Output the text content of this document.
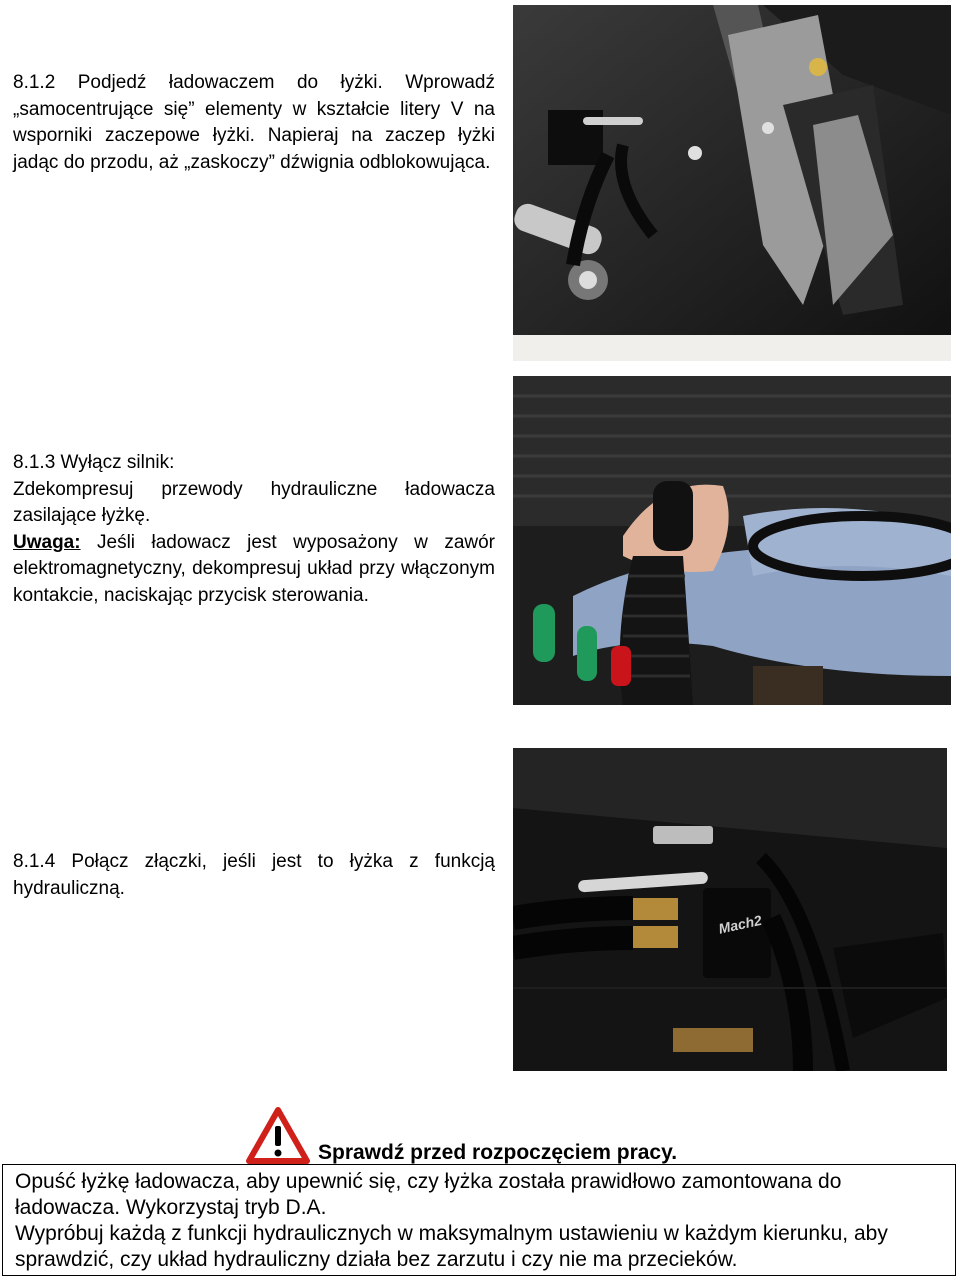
8.1.2 Podjedź ładowaczem do łyżki. Wprowadź „samocentrujące się” elementy w kształcie litery V na wsporniki zaczepowe łyżki. Napieraj na zaczep łyżki jadąc do przodu, aż „zaskoczy” dźwignia odblokowująca.

8.1.3 Wyłącz silnik:

Zdekompresuj przewody hydrauliczne ładowacza zasilające łyżkę.

Uwaga: Jeśli ładowacz jest wyposażony w zawór elektromagnetyczny, dekompresuj układ przy włączonym kontakcie, naciskając przycisk sterowania.

8.1.4 Połącz złączki, jeśli jest to łyżka z funkcją hydrauliczną.

Mach2
Sprawdź przed rozpoczęciem pracy.

Opuść łyżkę ładowacza, aby upewnić się, czy łyżka została prawidłowo zamontowana do ładowacza. Wykorzystaj tryb D.A.

Wypróbuj każdą z funkcji hydraulicznych w maksymalnym ustawieniu w każdym kierunku, aby sprawdzić, czy układ hydrauliczny działa bez zarzutu i czy nie ma przecieków.
